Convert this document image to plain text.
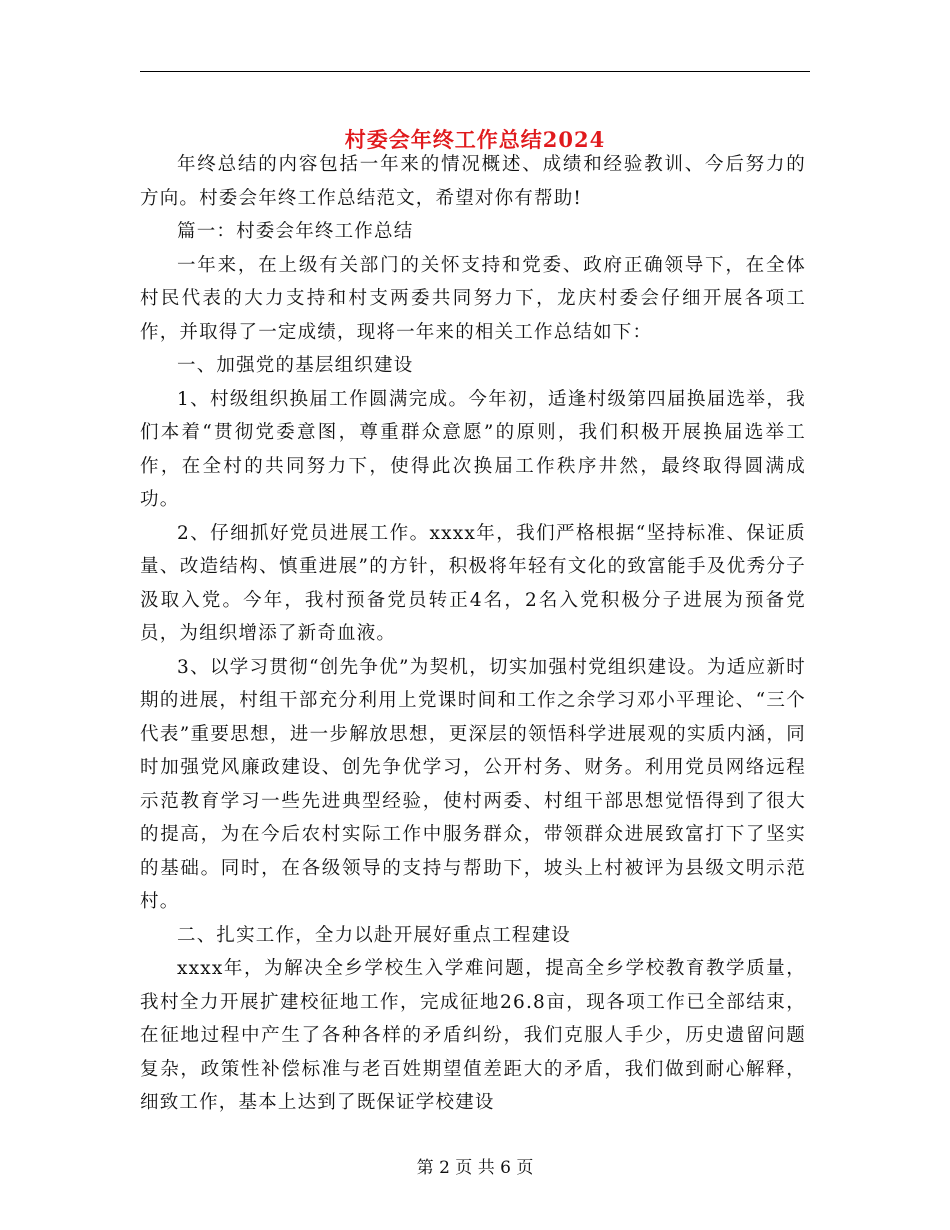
村委会年终工作总结2024

年终总结的内容包括一年来的情况概述、成绩和经验教训、今后努力的方向。村委会年终工作总结范文，希望对你有帮助!

篇一：村委会年终工作总结

一年来，在上级有关部门的关怀支持和党委、政府正确领导下，在全体村民代表的大力支持和村支两委共同努力下，龙庆村委会仔细开展各项工作，并取得了一定成绩，现将一年来的相关工作总结如下：

一、加强党的基层组织建设

1、村级组织换届工作圆满完成。今年初，适逢村级第四届换届选举，我们本着“贯彻党委意图，尊重群众意愿”的原则，我们积极开展换届选举工作，在全村的共同努力下，使得此次换届工作秩序井然，最终取得圆满成功。

2、仔细抓好党员进展工作。xxxx年，我们严格根据“坚持标准、保证质量、改造结构、慎重进展”的方针，积极将年轻有文化的致富能手及优秀分子汲取入党。今年，我村预备党员转正4名，2名入党积极分子进展为预备党员，为组织增添了新奇血液。

3、以学习贯彻“创先争优”为契机，切实加强村党组织建设。为适应新时期的进展，村组干部充分利用上党课时间和工作之余学习邓小平理论、“三个代表”重要思想，进一步解放思想，更深层的领悟科学进展观的实质内涵，同时加强党风廉政建设、创先争优学习，公开村务、财务。利用党员网络远程示范教育学习一些先进典型经验，使村两委、村组干部思想觉悟得到了很大的提高，为在今后农村实际工作中服务群众，带领群众进展致富打下了坚实的基础。同时，在各级领导的支持与帮助下，坡头上村被评为县级文明示范村。

二、扎实工作，全力以赴开展好重点工程建设

xxxx年，为解决全乡学校生入学难问题，提高全乡学校教育教学质量，我村全力开展扩建校征地工作，完成征地26.8亩，现各项工作已全部结束，在征地过程中产生了各种各样的矛盾纠纷，我们克服人手少，历史遗留问题复杂，政策性补偿标准与老百姓期望值差距大的矛盾，我们做到耐心解释，细致工作，基本上达到了既保证学校建设

第 2 页 共 6 页
